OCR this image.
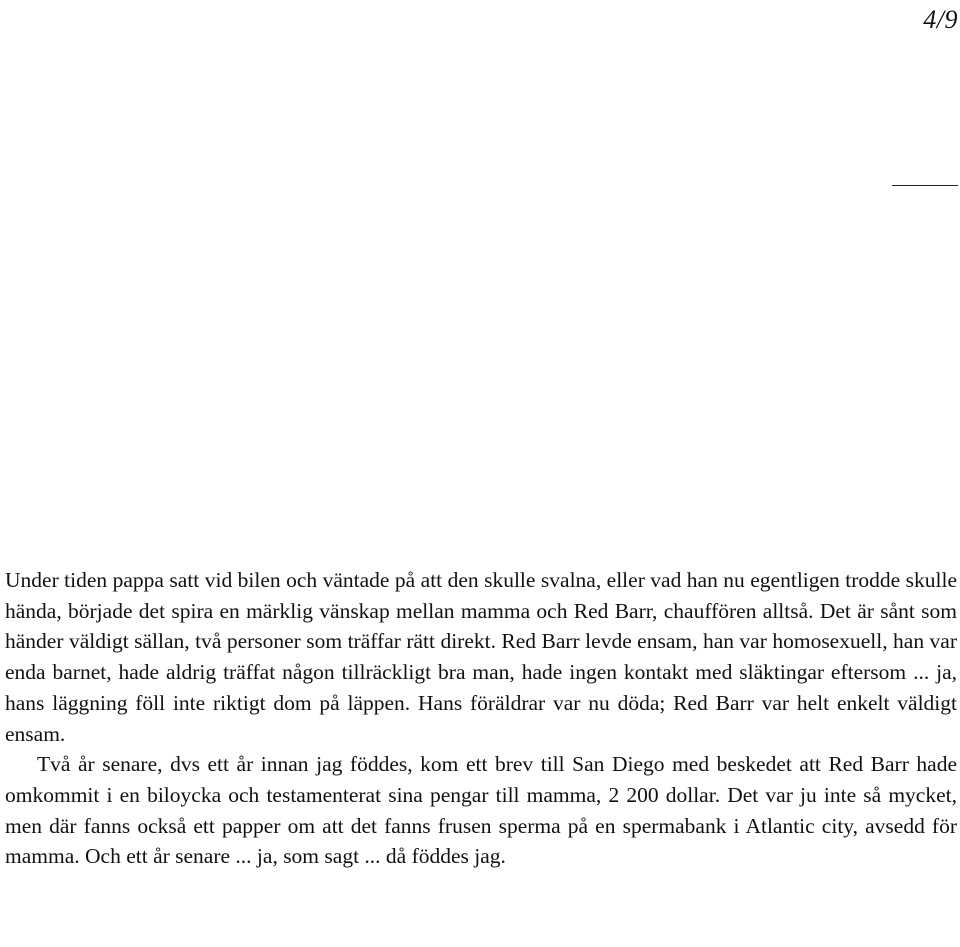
4/9

Under tiden pappa satt vid bilen och väntade på att den skulle svalna, eller vad han nu egentligen trodde skulle hända, började det spira en märklig vänskap mellan mamma och Red Barr, chauffören alltså. Det är sånt som händer väldigt sällan, två personer som träffar rätt direkt. Red Barr levde ensam, han var homosexuell, han var enda barnet, hade aldrig träffat någon tillräckligt bra man, hade ingen kontakt med släktingar eftersom ... ja, hans läggning föll inte riktigt dom på läppen. Hans föräldrar var nu döda; Red Barr var helt enkelt väldigt ensam.

Två år senare, dvs ett år innan jag föddes, kom ett brev till San Diego med beskedet att Red Barr hade omkommit i en biloycka och testamenterat sina pengar till mamma, 2 200 dollar. Det var ju inte så mycket, men där fanns också ett papper om att det fanns frusen sperma på en spermabank i Atlantic city, avsedd för mamma. Och ett år senare ... ja, som sagt ... då föddes jag.
